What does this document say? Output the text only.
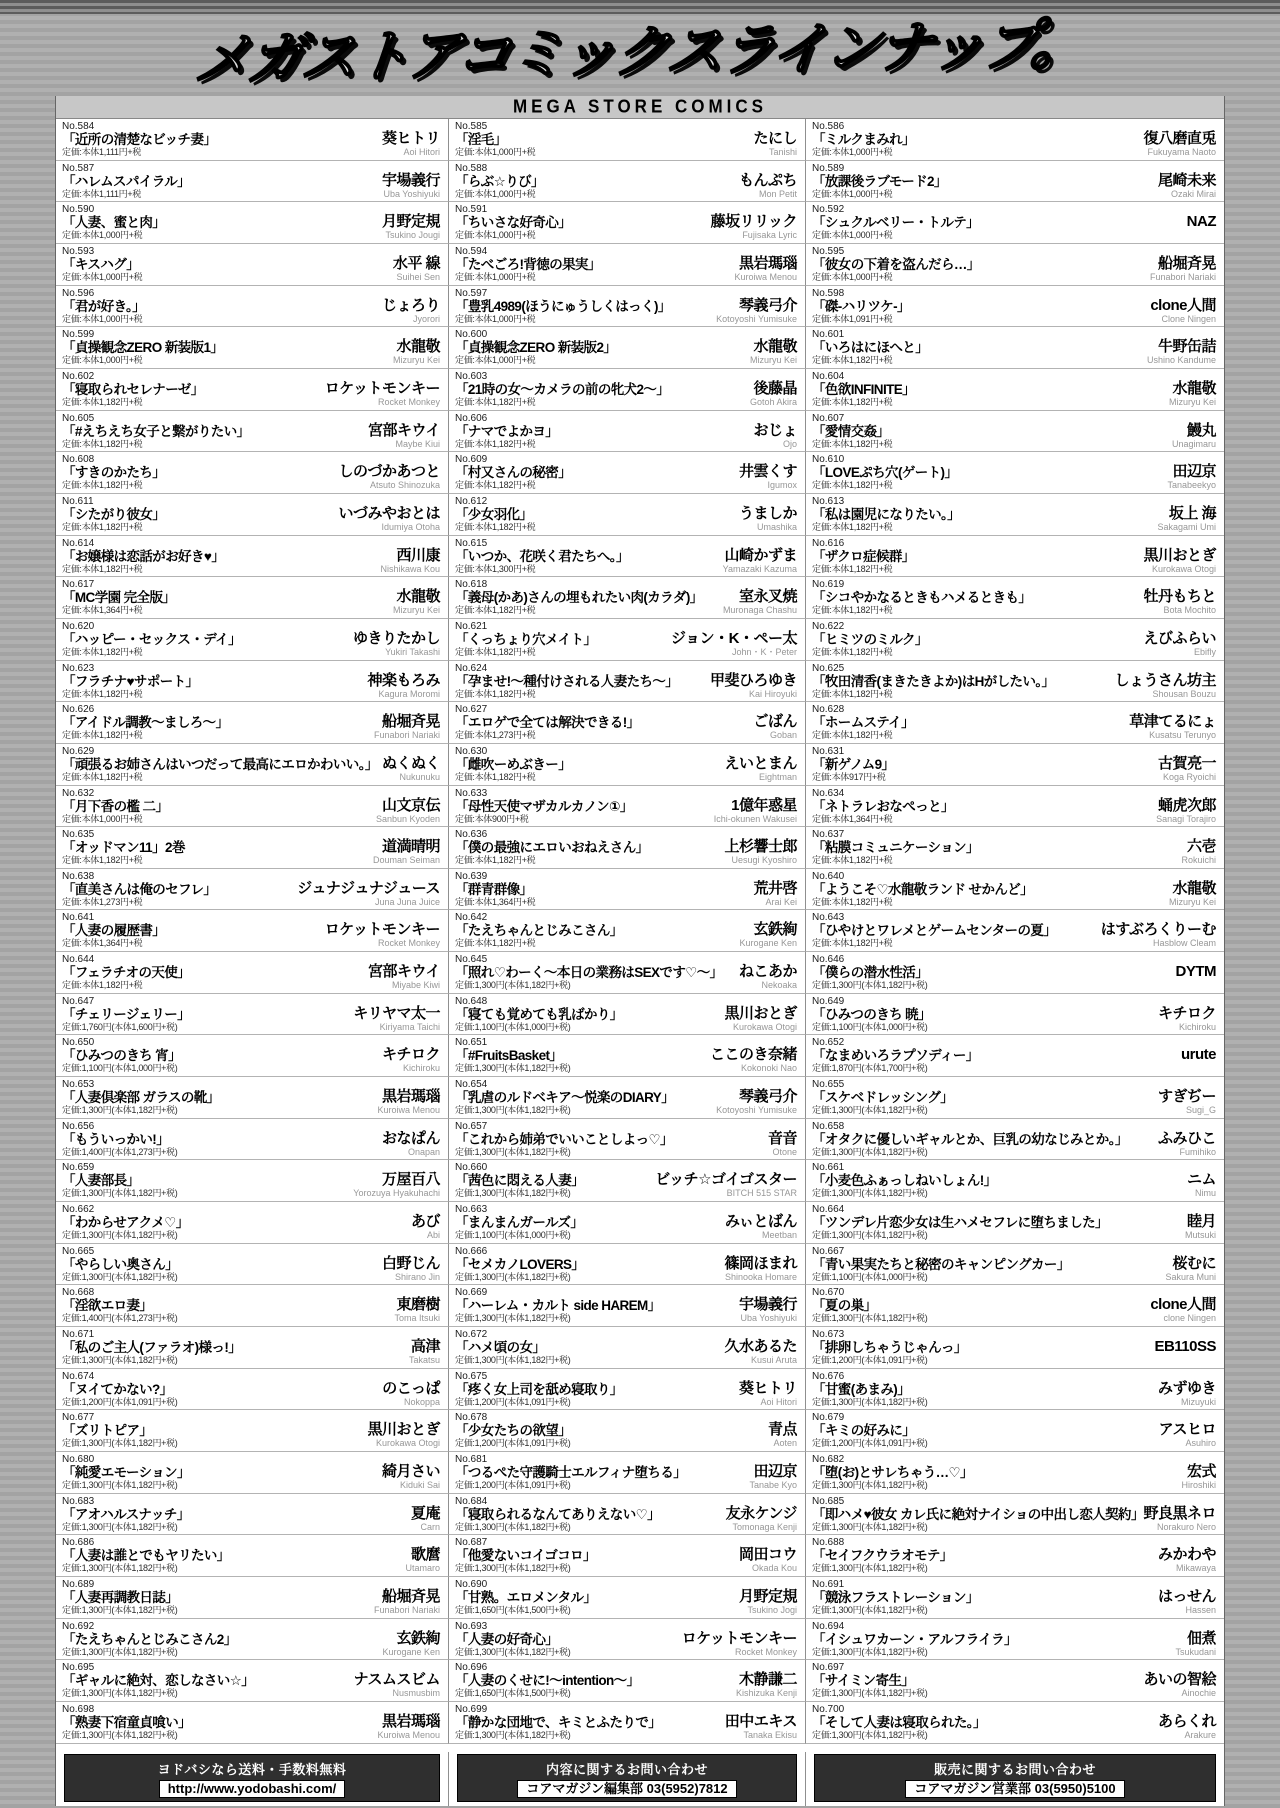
メガストアコミックスラインナップ。
MEGA STORE COMICS
No.584
「近所の清楚なビッチ妻」
定価:本体1,111円+税
葵ヒトリ
Aoi Hitori
No.585
「淫毛」
定価:本体1,000円+税
たにし
Tanishi
No.586
「ミルクまみれ」
定価:本体1,000円+税
復八磨直兎
Fukuyama Naoto
No.587
「ハレムスパイラル」
定価:本体1,111円+税
宇場義行
Uba Yoshiyuki
No.588
「らぶ☆りび」
定価:本体1,000円+税
もんぷち
Mon Petit
No.589
「放課後ラブモード2」
定価:本体1,000円+税
尾崎未来
Ozaki Mirai
No.590
「人妻、蜜と肉」
定価:本体1,000円+税
月野定規
Tsukino Jougi
No.591
「ちいさな好奇心」
定価:本体1,000円+税
藤坂リリック
Fujisaka Lyric
No.592
「シュクルベリー・トルテ」
定価:本体1,000円+税
NAZ
No.593
「キスハグ」
定価:本体1,000円+税
水平 線
Suihei Sen
No.594
「たべごろ!背徳の果実」
定価:本体1,000円+税
黒岩瑪瑙
Kuroiwa Menou
No.595
「彼女の下着を盗んだら…」
定価:本体1,000円+税
船堀斉晃
Funabori Nariaki
No.596
「君が好き。」
定価:本体1,000円+税
じょろり
Jyorori
No.597
「豊乳4989(ほうにゅうしくはっく)」
定価:本体1,000円+税
琴義弓介
Kotoyoshi Yumisuke
No.598
「磔-ハリツケ-」
定価:本体1,091円+税
clone人間
Clone Ningen
No.599
「貞操観念ZERO 新装版1」
定価:本体1,000円+税
水龍敬
Mizuryu Kei
No.600
「貞操観念ZERO 新装版2」
定価:本体1,000円+税
水龍敬
Mizuryu Kei
No.601
「いろはにほへと」
定価:本体1,182円+税
牛野缶詰
Ushino Kandume
No.602
「寝取られセレナーゼ」
定価:本体1,182円+税
ロケットモンキー
Rocket Monkey
No.603
「21時の女〜カメラの前の牝犬2〜」
定価:本体1,182円+税
後藤晶
Gotoh Akira
No.604
「色欲INFINITE」
定価:本体1,182円+税
水龍敬
Mizuryu Kei
No.605
「#えちえち女子と繋がりたい」
定価:本体1,182円+税
宮部キウイ
Maybe Kiui
No.606
「ナマでよかヨ」
定価:本体1,182円+税
おじょ
Ojo
No.607
「愛情交姦」
定価:本体1,182円+税
鰻丸
Unagimaru
No.608
「すきのかたち」
定価:本体1,182円+税
しのづかあつと
Atsuto Shinozuka
No.609
「村又さんの秘密」
定価:本体1,182円+税
井雲くす
Igumox
No.610
「LOVEぷち穴(ゲート)」
定価:本体1,182円+税
田辺京
Tanabeekyo
No.611
「シたがり彼女」
定価:本体1,182円+税
いづみやおとは
Idumiya Otoha
No.612
「少女羽化」
定価:本体1,182円+税
うましか
Umashika
No.613
「私は園児になりたい。」
定価:本体1,182円+税
坂上 海
Sakagami Umi
No.614
「お嬢様は恋話がお好き♥」
定価:本体1,182円+税
西川康
Nishikawa Kou
No.615
「いつか、花咲く君たちへ。」
定価:本体1,300円+税
山崎かずま
Yamazaki Kazuma
No.616
「ザクロ症候群」
定価:本体1,182円+税
黒川おとぎ
Kurokawa Otogi
No.617
「MC学園 完全版」
定価:本体1,364円+税
水龍敬
Mizuryu Kei
No.618
「義母(かあ)さんの埋もれたい肉(カラダ)」
定価:本体1,182円+税
室永叉焼
Muronaga Chashu
No.619
「シコやかなるときもハメるときも」
定価:本体1,182円+税
牡丹もちと
Bota Mochito
No.620
「ハッピー・セックス・デイ」
定価:本体1,182円+税
ゆきりたかし
Yukiri Takashi
No.621
「くっちょり穴メイト」
定価:本体1,182円+税
ジョン・K・ペー太
John・K・Peter
No.622
「ヒミツのミルク」
定価:本体1,182円+税
えびふらい
Ebifly
No.623
「フラチナ♥サポート」
定価:本体1,182円+税
神楽もろみ
Kagura Moromi
No.624
「孕ませ!〜種付けされる人妻たち〜」
定価:本体1,182円+税
甲斐ひろゆき
Kai Hiroyuki
No.625
「牧田清香(まきたきよか)はHがしたい。」
定価:本体1,182円+税
しょうさん坊主
Shousan Bouzu
No.626
「アイドル調教〜ましろ〜」
定価:本体1,182円+税
船堀斉晃
Funabori Nariaki
No.627
「エロゲで全ては解決できる!」
定価:本体1,273円+税
ごばん
Goban
No.628
「ホームステイ」
定価:本体1,182円+税
草津てるにょ
Kusatsu Terunyo
No.629
「頑張るお姉さんはいつだって最高にエロかわいい。」
定価:本体1,182円+税
ぬくぬく
Nukunuku
No.630
「雌吹ーめぶきー」
定価:本体1,182円+税
えいとまん
Eightman
No.631
「新ゲノム9」
定価:本体917円+税
古賀亮一
Koga Ryoichi
No.632
「月下香の檻 二」
定価:本体1,000円+税
山文京伝
Sanbun Kyoden
No.633
「母性天使マザカルカノン①」
定価:本体900円+税
1億年惑星
Ichi-okunen Wakusei
No.634
「ネトラレおなぺっと」
定価:本体1,364円+税
蛹虎次郎
Sanagi Torajiro
No.635
「オッドマン11」2巻
定価:本体1,182円+税
道満晴明
Douman Seiman
No.636
「僕の最強にエロいおねえさん」
定価:本体1,182円+税
上杉響士郎
Uesugi Kyoshiro
No.637
「粘膜コミュニケーション」
定価:本体1,182円+税
六壱
Rokuichi
No.638
「直美さんは俺のセフレ」
定価:本体1,273円+税
ジュナジュナジュース
Juna Juna Juice
No.639
「群青群像」
定価:本体1,364円+税
荒井啓
Arai Kei
No.640
「ようこそ♡水龍敬ランド せかんど」
定価:本体1,182円+税
水龍敬
Mizuryu Kei
No.641
「人妻の履歴書」
定価:本体1,364円+税
ロケットモンキー
Rocket Monkey
No.642
「たえちゃんとじみこさん」
定価:本体1,182円+税
玄鉄絢
Kurogane Ken
No.643
「ひやけとワレメとゲームセンターの夏」
定価:本体1,182円+税
はすぶろくりーむ
Hasblow Cleam
No.644
「フェラチオの天使」
定価:本体1,182円+税
宮部キウイ
Miyabe Kiwi
No.645
「照れ♡わーく〜本日の業務はSEXです♡〜」
定価:1,300円(本体1,182円+税)
ねこあか
Nekoaka
No.646
「僕らの潜水性活」
定価:1,300円(本体1,182円+税)
DYTM
No.647
「チェリージェリー」
定価:1,760円(本体1,600円+税)
キリヤマ太一
Kiriyama Taichi
No.648
「寝ても覚めても乳ばかり」
定価:1,100円(本体1,000円+税)
黒川おとぎ
Kurokawa Otogi
No.649
「ひみつのきち 暁」
定価:1,100円(本体1,000円+税)
キチロク
Kichiroku
No.650
「ひみつのきち 宵」
定価:1,100円(本体1,000円+税)
キチロク
Kichiroku
No.651
「#FruitsBasket」
定価:1,300円(本体1,182円+税)
ここのき奈緒
Kokonoki Nao
No.652
「なまめいろラプソディー」
定価:1,870円(本体1,700円+税)
urute
No.653
「人妻倶楽部 ガラスの靴」
定価:1,300円(本体1,182円+税)
黒岩瑪瑙
Kuroiwa Menou
No.654
「乳虐のルドベキア〜悦楽のDIARY」
定価:1,300円(本体1,182円+税)
琴義弓介
Kotoyoshi Yumisuke
No.655
「スケベドレッシング」
定価:1,300円(本体1,182円+税)
すぎぢー
Sugi_G
No.656
「もういっかい!」
定価:1,400円(本体1,273円+税)
おなぱん
Onapan
No.657
「これから姉弟でいいことしよっ♡」
定価:1,300円(本体1,182円+税)
音音
Otone
No.658
「オタクに優しいギャルとか、巨乳の幼なじみとか。」
定価:1,300円(本体1,182円+税)
ふみひこ
Fumihiko
No.659
「人妻部長」
定価:1,300円(本体1,182円+税)
万屋百八
Yorozuya Hyakuhachi
No.660
「茜色に悶える人妻」
定価:1,300円(本体1,182円+税)
ビッチ☆ゴイゴスター
BITCH 515 STAR
No.661
「小麦色ふぁっしねいしょん!」
定価:1,300円(本体1,182円+税)
ニム
Nimu
No.662
「わからせアクメ♡」
定価:1,300円(本体1,182円+税)
あび
Abi
No.663
「まんまんガールズ」
定価:1,100円(本体1,000円+税)
みぃとばん
Meetban
No.664
「ツンデレ片恋少女は生ハメセフレに堕ちました」
定価:1,300円(本体1,182円+税)
睦月
Mutsuki
No.665
「やらしい奥さん」
定価:1,300円(本体1,182円+税)
白野じん
Shirano Jin
No.666
「セメカノLOVERS」
定価:1,300円(本体1,182円+税)
篠岡ほまれ
Shinooka Homare
No.667
「青い果実たちと秘密のキャンピングカー」
定価:1,100円(本体1,000円+税)
桜むに
Sakura Muni
No.668
「淫欲エロ妻」
定価:1,400円(本体1,273円+税)
東磨樹
Toma Itsuki
No.669
「ハーレム・カルト side HAREM」
定価:1,300円(本体1,182円+税)
宇場義行
Uba Yoshiyuki
No.670
「夏の巣」
定価:1,300円(本体1,182円+税)
clone人間
clone Ningen
No.671
「私のご主人(ファラオ)様っ!」
定価:1,300円(本体1,182円+税)
高津
Takatsu
No.672
「ハメ頃の女」
定価:1,300円(本体1,182円+税)
久水あるた
Kusui Aruta
No.673
「排卵しちゃうじゃんっ」
定価:1,200円(本体1,091円+税)
EB110SS
No.674
「ヌイてかない?」
定価:1,200円(本体1,091円+税)
のこっぱ
Nokoppa
No.675
「疼く女上司を舐め寝取り」
定価:1,200円(本体1,091円+税)
葵ヒトリ
Aoi Hitori
No.676
「甘蜜(あまみ)」
定価:1,300円(本体1,182円+税)
みずゆき
Mizuyuki
No.677
「ズリトピア」
定価:1,300円(本体1,182円+税)
黒川おとぎ
Kurokawa Otogi
No.678
「少女たちの欲望」
定価:1,200円(本体1,091円+税)
青点
Aoten
No.679
「キミの好みに」
定価:1,200円(本体1,091円+税)
アスヒロ
Asuhiro
No.680
「純愛エモーション」
定価:1,300円(本体1,182円+税)
綺月さい
Kiduki Sai
No.681
「つるぺた守護騎士エルフィナ堕ちる」
定価:1,200円(本体1,091円+税)
田辺京
Tanabe Kyo
No.682
「堕(お)とサレちゃう…♡」
定価:1,300円(本体1,182円+税)
宏式
Hiroshiki
No.683
「アオハルスナッチ」
定価:1,300円(本体1,182円+税)
夏庵
Carn
No.684
「寝取られるなんてありえない♡」
定価:1,300円(本体1,182円+税)
友永ケンジ
Tomonaga Kenji
No.685
「即ハメ♥彼女 カレ氏に絶対ナイショの中出し恋人契約」
定価:1,300円(本体1,182円+税)
野良黒ネロ
Norakuro Nero
No.686
「人妻は誰とでもヤリたい」
定価:1,300円(本体1,182円+税)
歌麿
Utamaro
No.687
「他愛ないコイゴコロ」
定価:1,300円(本体1,182円+税)
岡田コウ
Okada Kou
No.688
「セイフクウラオモテ」
定価:1,300円(本体1,182円+税)
みかわや
Mikawaya
No.689
「人妻再調教日誌」
定価:1,300円(本体1,182円+税)
船堀斉晃
Funabori Nariaki
No.690
「甘熟。エロメンタル」
定価:1,650円(本体1,500円+税)
月野定規
Tsukino Jogi
No.691
「競泳フラストレーション」
定価:1,300円(本体1,182円+税)
はっせん
Hassen
No.692
「たえちゃんとじみこさん2」
定価:1,300円(本体1,182円+税)
玄鉄絢
Kurogane Ken
No.693
「人妻の好奇心」
定価:1,300円(本体1,182円+税)
ロケットモンキー
Rocket Monkey
No.694
「イシュワカーン・アルフライラ」
定価:1,300円(本体1,182円+税)
佃煮
Tsukudani
No.695
「ギャルに絶対、恋しなさい☆」
定価:1,300円(本体1,182円+税)
ナスムスビム
Nusmusbim
No.696
「人妻のくせに!〜intention〜」
定価:1,650円(本体1,500円+税)
木静謙二
Kishizuka Kenji
No.697
「サイミン寄生」
定価:1,300円(本体1,182円+税)
あいの智絵
Ainochie
No.698
「熟妻下宿童貞喰い」
定価:1,300円(本体1,182円+税)
黒岩瑪瑙
Kuroiwa Menou
No.699
「静かな団地で、キミとふたりで」
定価:1,300円(本体1,182円+税)
田中エキス
Tanaka Ekisu
No.700
「そして人妻は寝取られた。」
定価:1,300円(本体1,182円+税)
あらくれ
Arakure
ヨドバシなら送料・手数料無料
http://www.yodobashi.com/
内容に関するお問い合わせ
コアマガジン編集部 03(5952)7812
販売に関するお問い合わせ
コアマガジン営業部 03(5950)5100
